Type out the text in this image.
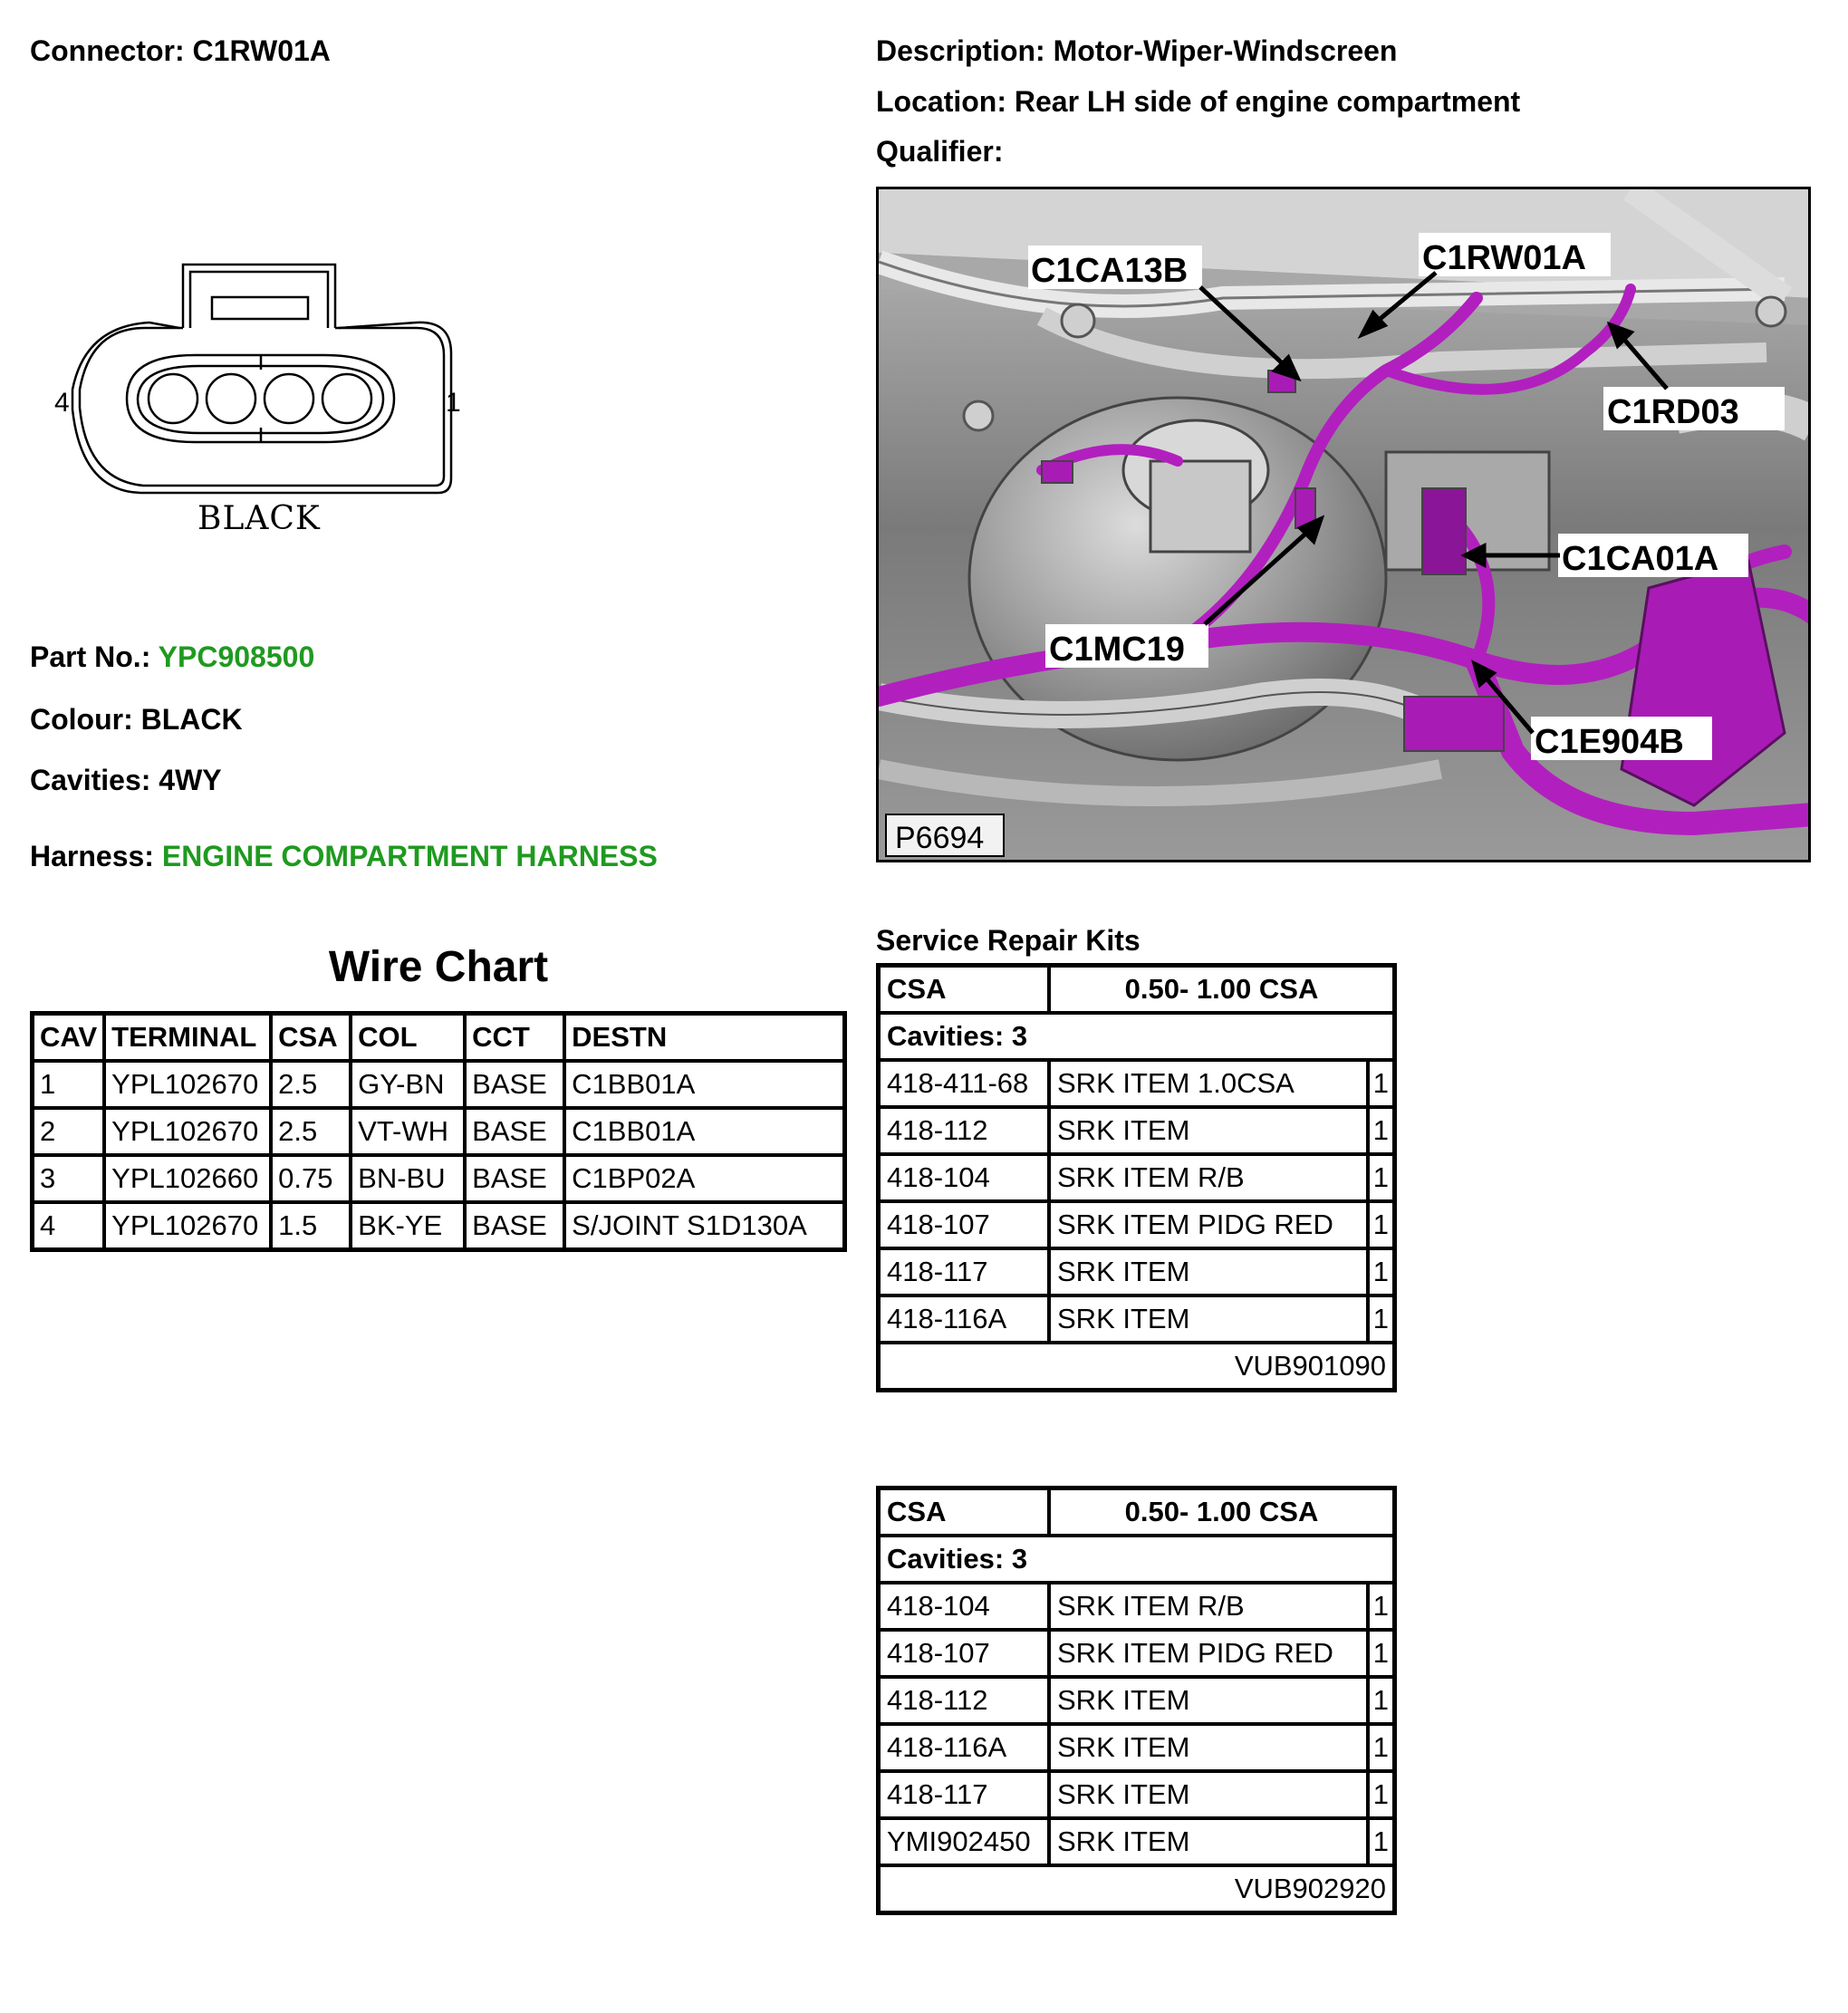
Connector: C1RW01A	Description: Motor-Wiper-Windscreen
Location: Rear LH side of engine compartment
Qualifier:
4	1
BLACK
Part No.: YPC908500
Colour: BLACK
Cavities: 4WY
Harness: ENGINE COMPARTMENT HARNESS
C1CA13B	C1RW01A
C1RD03
C1CA01A
C1MC19
C1E904B
P6694
Wire Chart
CAV	TERMINAL	CSA	COL	CCT	DESTN
1	YPL102670	2.5	GY-BN	BASE	C1BB01A
2	YPL102670	2.5	VT-WH	BASE	C1BB01A
3	YPL102660	0.75	BN-BU	BASE	C1BP02A
4	YPL102670	1.5	BK-YE	BASE	S/JOINT S1D130A
Service Repair Kits
CSA	0.50- 1.00 CSA	
Cavities: 3		
418-411-68	SRK ITEM 1.0CSA	1
418-112	SRK ITEM	1
418-104	SRK ITEM R/B	1
418-107	SRK ITEM PIDG RED	1
418-117	SRK ITEM	1
418-116A	SRK ITEM	1
VUB901090		
CSA	0.50- 1.00 CSA	
Cavities: 3		
418-104	SRK ITEM R/B	1
418-107	SRK ITEM PIDG RED	1
418-112	SRK ITEM	1
418-116A	SRK ITEM	1
418-117	SRK ITEM	1
YMI902450	SRK ITEM	1
VUB902920		
